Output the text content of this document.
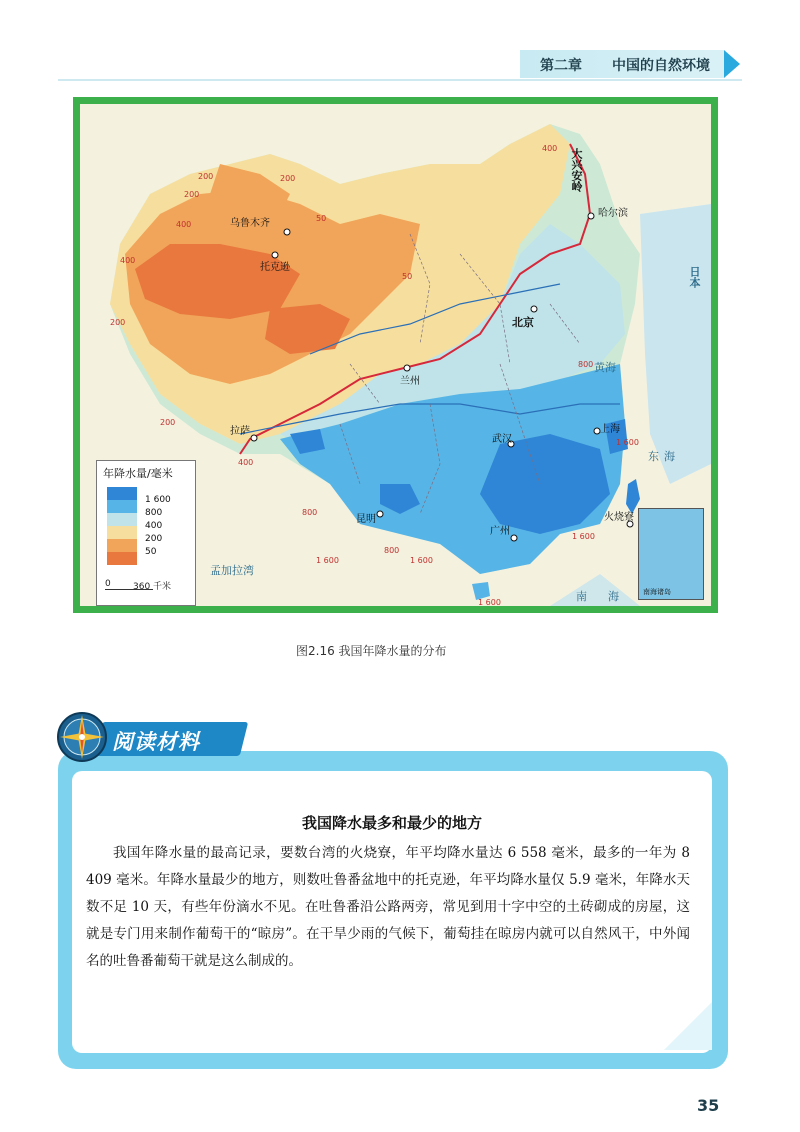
第二章 中国的自然环境
乌鲁木齐
托克逊
哈尔滨
北京
兰州
拉萨
武汉
上海
昆明
广州
火烧寮
大兴安岭
日本
黄海
东 海
南 海
孟加拉湾
400
200
200
400
200
50
50
400
200
200
400
800
800
1 600
1 600	1 600
1 600
1 600
800
年降水量/毫米
1 600
800
400
200
50
0 360 千米	南海诸岛
图2.16 我国年降水量的分布
阅读材料
我国降水最多和最少的地方
我国年降水量的最高记录，要数台湾的火烧寮，年平均降水量达 6 558 毫米，最多的一年为 8 409 毫米。年降水量最少的地方，则数吐鲁番盆地中的托克逊，年平均降水量仅 5.9 毫米，年降水天数不足 10 天，有些年份滴水不见。在吐鲁番沿公路两旁，常见到用十字中空的土砖砌成的房屋，这就是专门用来制作葡萄干的“晾房”。在干旱少雨的气候下，葡萄挂在晾房内就可以自然风干，中外闻名的吐鲁番葡萄干就是这么制成的。
35
